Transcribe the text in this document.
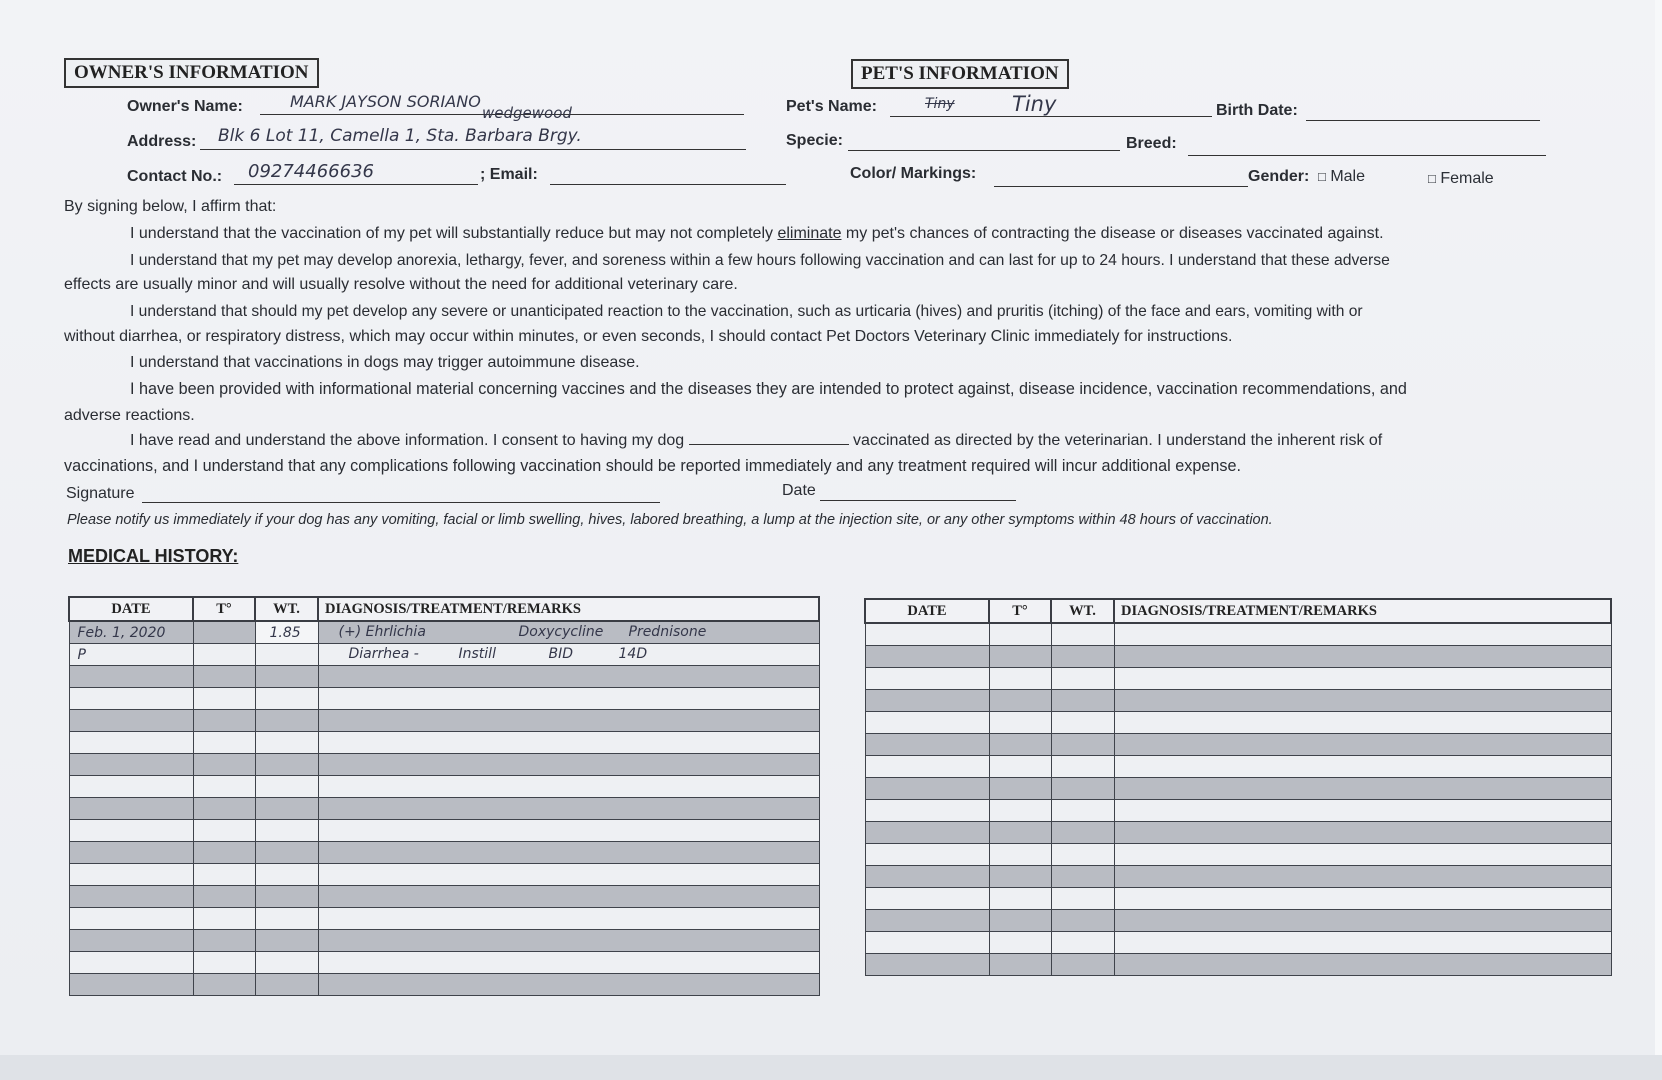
OWNER'S INFORMATION
Owner's Name:	MARK JAYSON SORIANO
wedgewood
Address: Blk 6 Lot 11, Camella 1, Sta. Barbara Brgy.
Contact No.: 09274466636	; Email:
PET'S INFORMATION
Pet's Name:	Tiny	Tiny	Birth Date:
Specie:	Breed:
Color/ Markings:	Gender: □ Male	□ Female
By signing below, I affirm that:
I understand that the vaccination of my pet will substantially reduce but may not completely eliminate my pet's chances of contracting the disease or diseases vaccinated against.
I understand that my pet may develop anorexia, lethargy, fever, and soreness within a few hours following vaccination and can last for up to 24 hours. I understand that these adverse
effects are usually minor and will usually resolve without the need for additional veterinary care.
I understand that should my pet develop any severe or unanticipated reaction to the vaccination, such as urticaria (hives) and pruritis (itching) of the face and ears, vomiting with or
without diarrhea, or respiratory distress, which may occur within minutes, or even seconds, I should contact Pet Doctors Veterinary Clinic immediately for instructions.
I understand that vaccinations in dogs may trigger autoimmune disease.
I have been provided with informational material concerning vaccines and the diseases they are intended to protect against, disease incidence, vaccination recommendations, and
adverse reactions.
I have read and understand the above information. I consent to having my dog	vaccinated as directed by the veterinarian. I understand the inherent risk of
vaccinations, and I understand that any complications following vaccination should be reported immediately and any treatment required will incur additional expense.
Signature	Date
Please notify us immediately if your dog has any vomiting, facial or limb swelling, hives, labored breathing, a lump at the injection site, or any other symptoms within 48 hours of vaccination.
MEDICAL HISTORY:
DATE	T°	WT.	DIAGNOSIS/TREATMENT/REMARKS
Feb. 1, 2020		1.85	(+) Ehrlichia Doxycycline Prednisone

P			Diarrhea - Instill BID 14D

DATE	T°	WT.	DIAGNOSIS/TREATMENT/REMARKS
